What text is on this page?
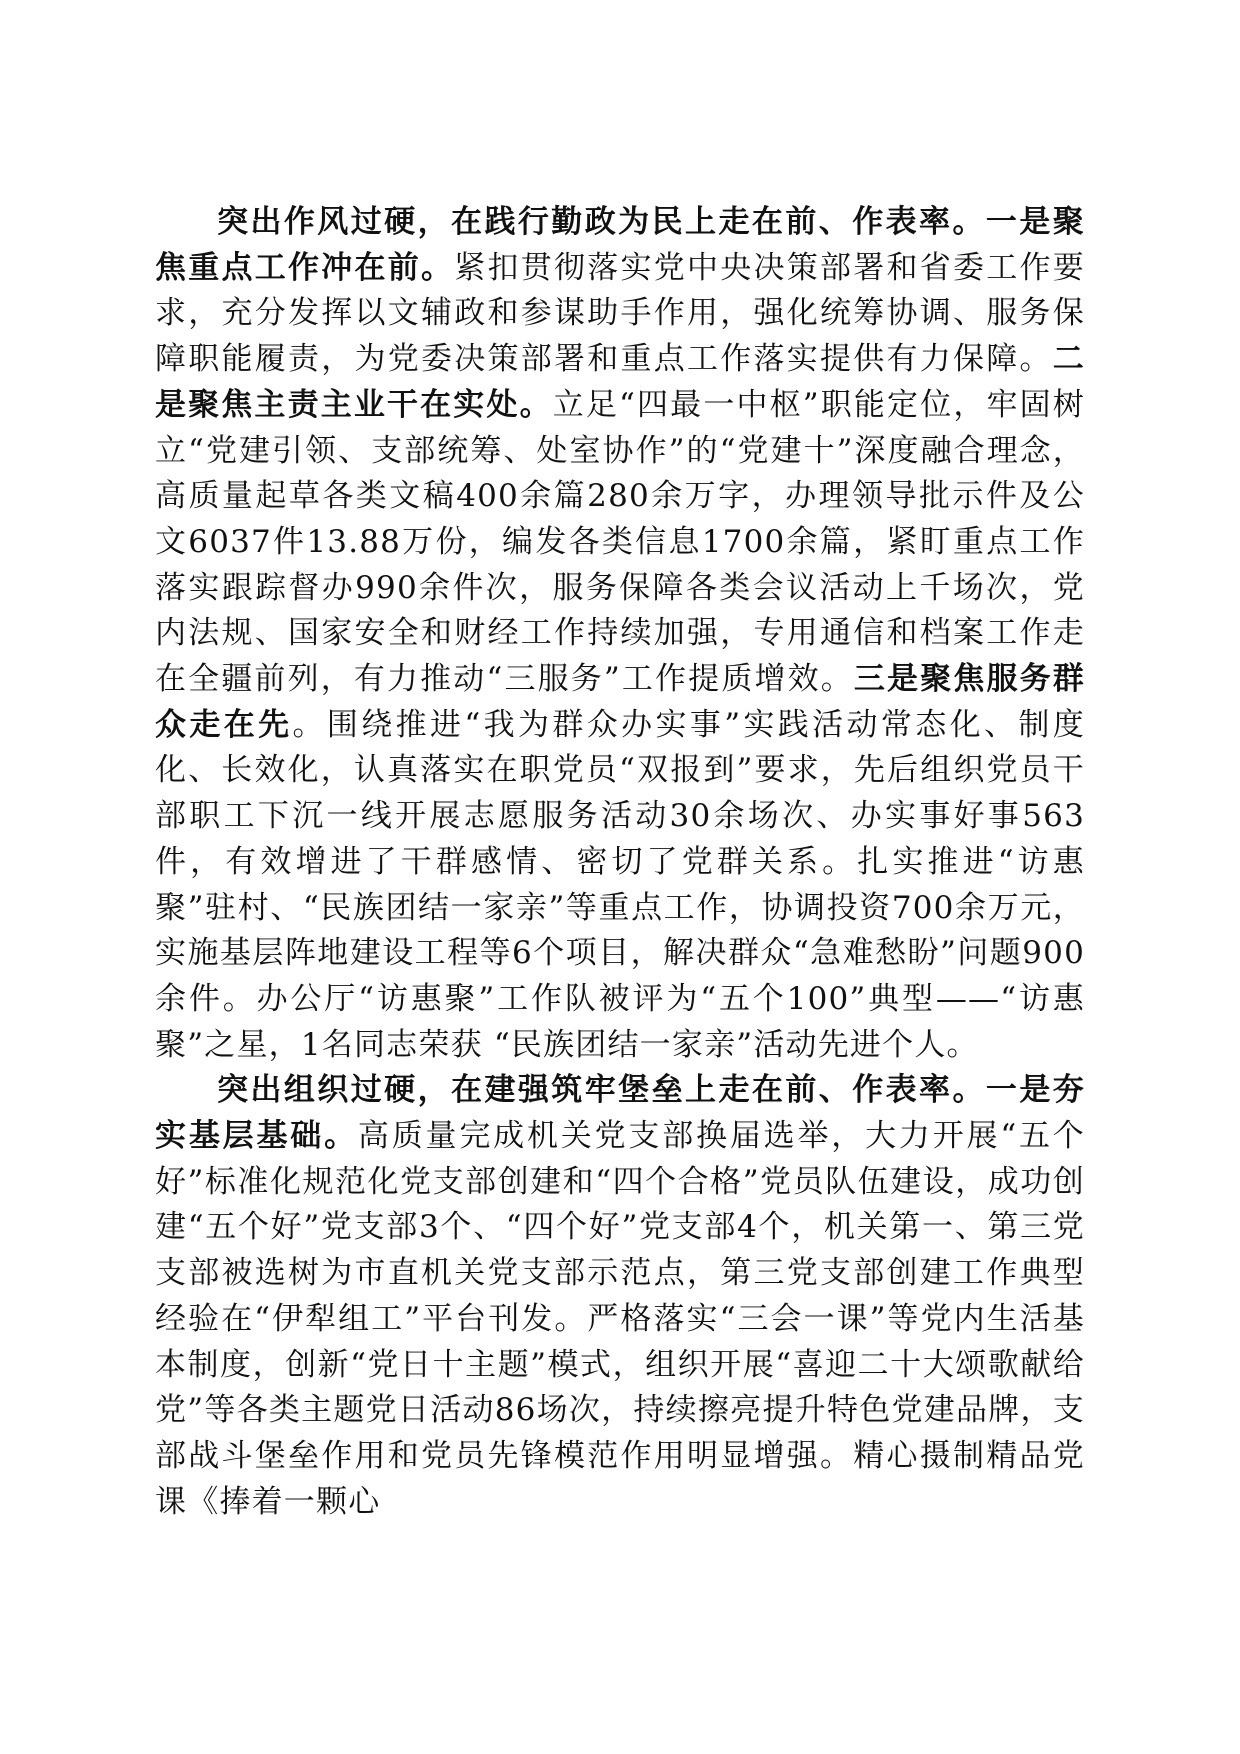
突出作风过硬，在践行勤政为民上走在前、作表率。一是聚焦重点工作冲在前。紧扣贯彻落实党中央决策部署和省委工作要求，充分发挥以文辅政和参谋助手作用，强化统筹协调、服务保障职能履责，为党委决策部署和重点工作落实提供有力保障。二是聚焦主责主业干在实处。立足“四最一中枢”职能定位，牢固树立“党建引领、支部统筹、处室协作”的“党建十”深度融合理念，高质量起草各类文稿400余篇280余万字，办理领导批示件及公文6037件13.88万份，编发各类信息1700余篇，紧盯重点工作落实跟踪督办990余件次，服务保障各类会议活动上千场次，党内法规、国家安全和财经工作持续加强，专用通信和档案工作走在全疆前列，有力推动“三服务”工作提质增效。三是聚焦服务群众走在先。围绕推进“我为群众办实事”实践活动常态化、制度化、长效化，认真落实在职党员“双报到”要求，先后组织党员干部职工下沉一线开展志愿服务活动30余场次、办实事好事563件，有效增进了干群感情、密切了党群关系。扎实推进“访惠聚”驻村、“民族团结一家亲”等重点工作，协调投资700余万元，实施基层阵地建设工程等6个项目，解决群众“急难愁盼”问题900余件。办公厅“访惠聚”工作队被评为“五个100”典型——“访惠聚”之星，1名同志荣获 “民族团结一家亲”活动先进个人。

突出组织过硬，在建强筑牢堡垒上走在前、作表率。一是夯实基层基础。高质量完成机关党支部换届选举，大力开展“五个好”标准化规范化党支部创建和“四个合格”党员队伍建设，成功创建“五个好”党支部3个、“四个好”党支部4个，机关第一、第三党支部被选树为市直机关党支部示范点，第三党支部创建工作典型经验在“伊犁组工”平台刊发。严格落实“三会一课”等党内生活基本制度，创新“党日十主题”模式，组织开展“喜迎二十大颂歌献给党”等各类主题党日活动86场次，持续擦亮提升特色党建品牌，支部战斗堡垒作用和党员先锋模范作用明显增强。精心摄制精品党课《捧着一颗心
